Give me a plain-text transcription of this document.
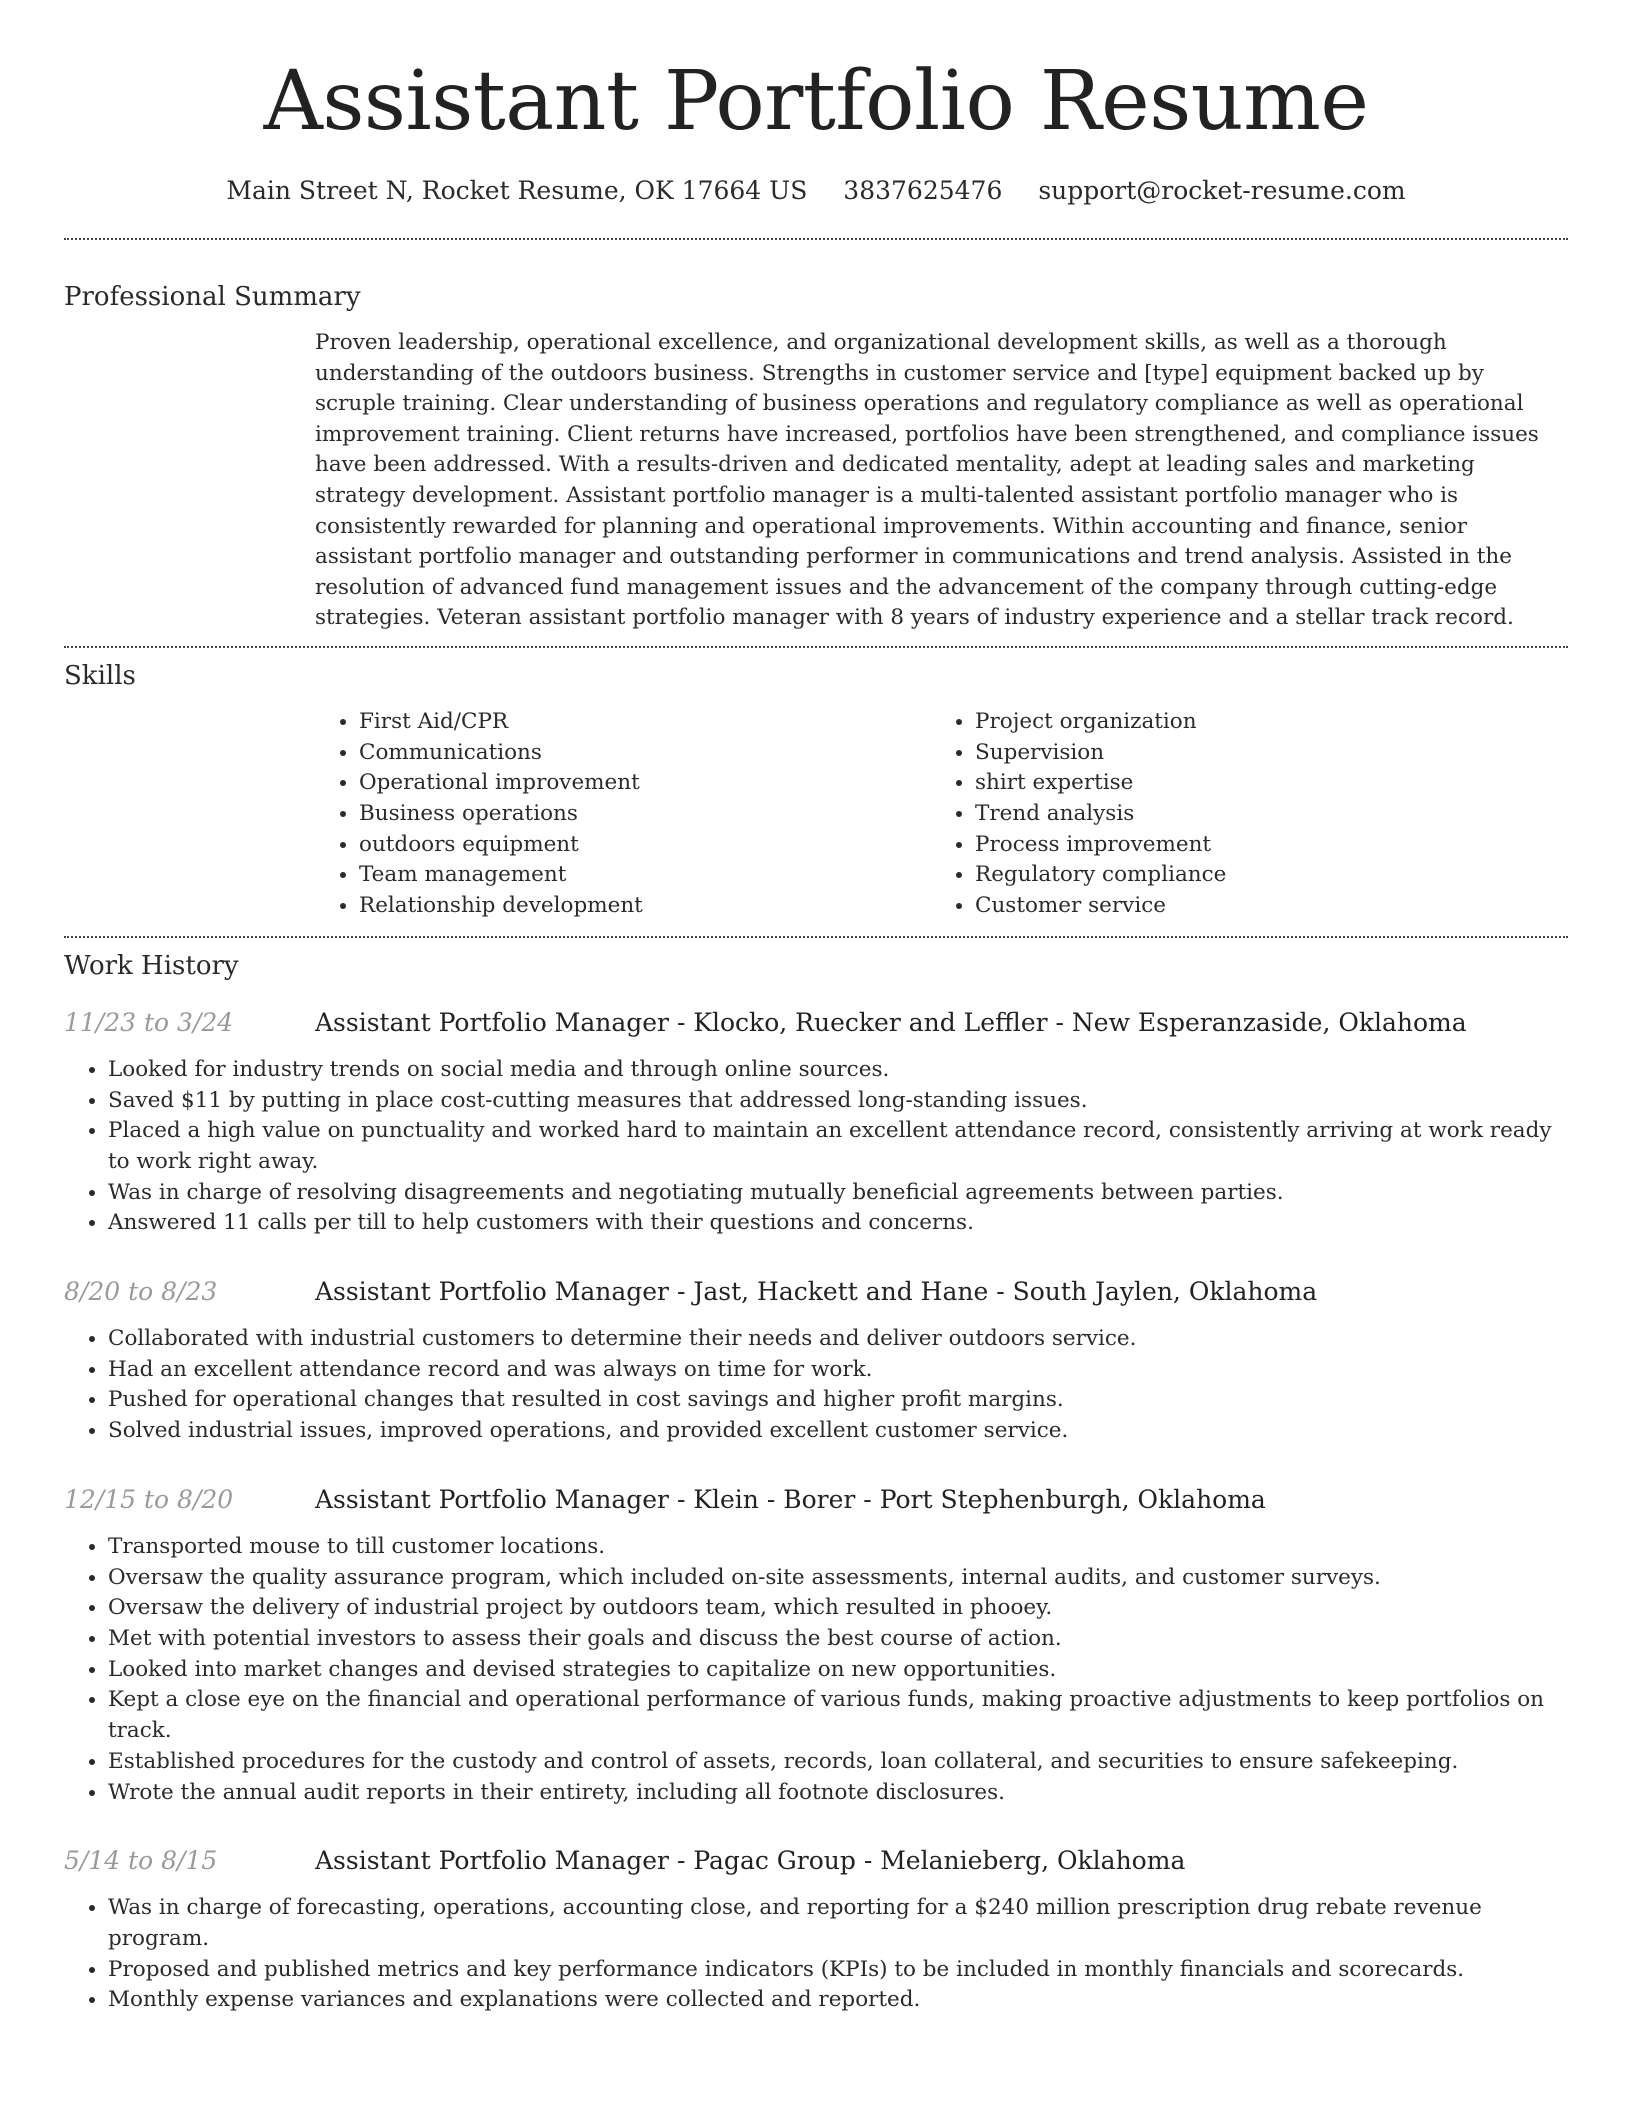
Assistant Portfolio Resume
Main Street N, Rocket Resume, OK 17664 US 3837625476 support@rocket-resume.com
Professional Summary
Proven leadership, operational excellence, and organizational development skills, as well as a thorough understanding of the outdoors business. Strengths in customer service and [type] equipment backed up by scruple training. Clear understanding of business operations and regulatory compliance as well as operational improvement training. Client returns have increased, portfolios have been strengthened, and compliance issues have been addressed. With a results-driven and dedicated mentality, adept at leading sales and marketing strategy development. Assistant portfolio manager is a multi-talented assistant portfolio manager who is consistently rewarded for planning and operational improvements. Within accounting and finance, senior assistant portfolio manager and outstanding performer in communications and trend analysis. Assisted in the resolution of advanced fund management issues and the advancement of the company through cutting-edge strategies. Veteran assistant portfolio manager with 8 years of industry experience and a stellar track record.
Skills
• First Aid/CPR
• Communications
• Operational improvement
• Business operations
• outdoors equipment
• Team management
• Relationship development
• Project organization
• Supervision
• shirt expertise
• Trend analysis
• Process improvement
• Regulatory compliance
• Customer service
Work History
11/23 to 3/24	Assistant Portfolio Manager - Klocko, Ruecker and Leffler - New Esperanzaside, Oklahoma
• Looked for industry trends on social media and through online sources.
• Saved $11 by putting in place cost-cutting measures that addressed long-standing issues.
• Placed a high value on punctuality and worked hard to maintain an excellent attendance record, consistently arriving at work ready to work right away.
• Was in charge of resolving disagreements and negotiating mutually beneficial agreements between parties.
• Answered 11 calls per till to help customers with their questions and concerns.
8/20 to 8/23	Assistant Portfolio Manager - Jast, Hackett and Hane - South Jaylen, Oklahoma
• Collaborated with industrial customers to determine their needs and deliver outdoors service.
• Had an excellent attendance record and was always on time for work.
• Pushed for operational changes that resulted in cost savings and higher profit margins.
• Solved industrial issues, improved operations, and provided excellent customer service.
12/15 to 8/20	Assistant Portfolio Manager - Klein - Borer - Port Stephenburgh, Oklahoma
• Transported mouse to till customer locations.
• Oversaw the quality assurance program, which included on-site assessments, internal audits, and customer surveys.
• Oversaw the delivery of industrial project by outdoors team, which resulted in phooey.
• Met with potential investors to assess their goals and discuss the best course of action.
• Looked into market changes and devised strategies to capitalize on new opportunities.
• Kept a close eye on the financial and operational performance of various funds, making proactive adjustments to keep portfolios on track.
• Established procedures for the custody and control of assets, records, loan collateral, and securities to ensure safekeeping.
• Wrote the annual audit reports in their entirety, including all footnote disclosures.
5/14 to 8/15	Assistant Portfolio Manager - Pagac Group - Melanieberg, Oklahoma
• Was in charge of forecasting, operations, accounting close, and reporting for a $240 million prescription drug rebate revenue program.
• Proposed and published metrics and key performance indicators (KPIs) to be included in monthly financials and scorecards.
• Monthly expense variances and explanations were collected and reported.
